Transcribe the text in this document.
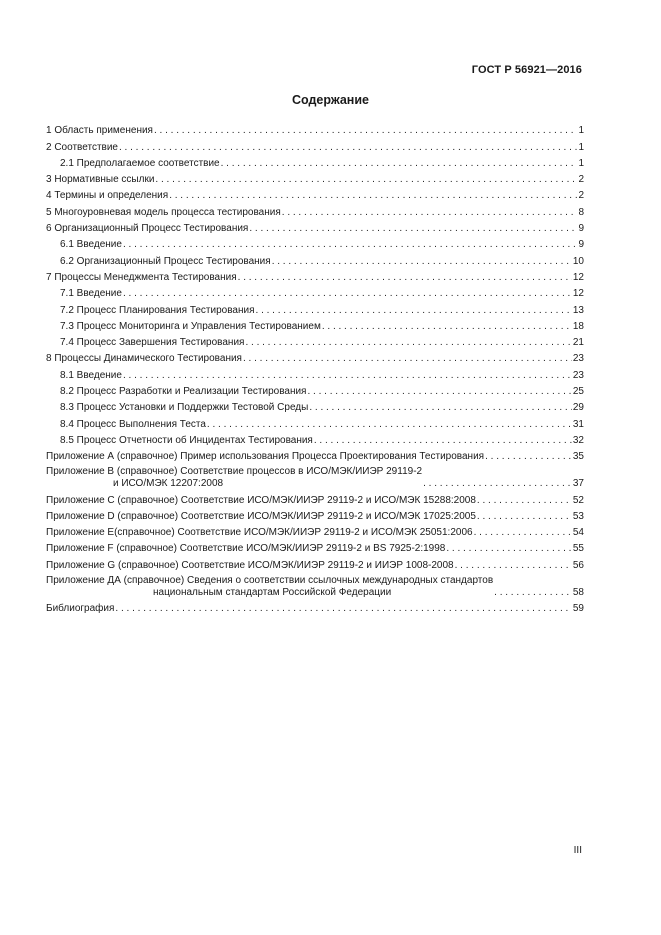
ГОСТ Р 56921—2016
Содержание
1 Область применения . . .	1
2 Соответствие . . .	1
2.1 Предполагаемое соответствие . . .	1
3 Нормативные ссылки . . .	2
4 Термины и определения . . .	2
5 Многоуровневая модель процесса тестирования . . .	8
6 Организационный Процесс Тестирования . . .	9
6.1 Введение . . .	9
6.2 Организационный Процесс Тестирования . . .	10
7 Процессы Менеджмента Тестирования . . .	12
7.1 Введение . . .	12
7.2 Процесс Планирования Тестирования . . .	13
7.3 Процесс Мониторинга и Управления Тестированием . . .	18
7.4 Процесс Завершения Тестирования . . .	21
8 Процессы Динамического Тестирования . . .	23
8.1 Введение . . .	23
8.2 Процесс Разработки и Реализации Тестирования . . .	25
8.3 Процесс Установки и Поддержки Тестовой Среды . . .	29
8.4 Процесс Выполнения Теста . . .	31
8.5 Процесс Отчетности об Инцидентах Тестирования . . .	32
Приложение А (справочное) Пример использования Процесса Проектирования Тестирования . . .	35
Приложение В (справочное) Соответствие процессов в ИСО/МЭК/ИИЭР 29119-2
и ИСО/МЭК 12207:2008 . . .	37
Приложение С (справочное) Соответствие ИСО/МЭК/ИИЭР 29119-2 и ИСО/МЭК 15288:2008 . . .	52
Приложение D (справочное) Соответствие ИСО/МЭК/ИИЭР 29119-2 и ИСО/МЭК 17025:2005 . . .	53
Приложение Е(справочное) Соответствие ИСО/МЭК/ИИЭР 29119-2 и ИСО/МЭК 25051:2006 . . .	54
Приложение F (справочное) Соответствие ИСО/МЭК/ИИЭР 29119-2 и BS 7925-2:1998 . . .	55
Приложение G (справочное) Соответствие ИСО/МЭК/ИИЭР 29119-2 и ИИЭР 1008-2008 . . .	56
Приложение ДА (справочное) Сведения о соответствии ссылочных международных стандартов
национальным стандартам Российской Федерации . . .	58
Библиография . . .	59
III
